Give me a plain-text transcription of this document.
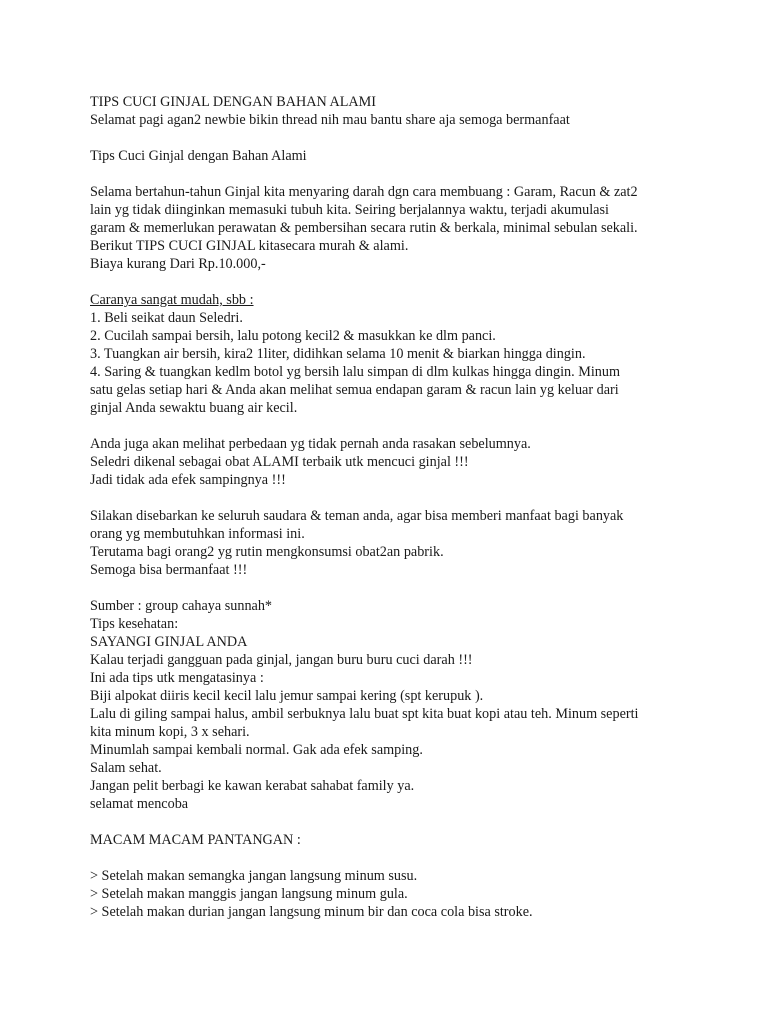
TIPS CUCI GINJAL DENGAN BAHAN ALAMI
Selamat pagi agan2 newbie bikin thread nih mau bantu share aja semoga bermanfaat
Tips Cuci Ginjal dengan Bahan Alami
Selama bertahun-tahun Ginjal kita menyaring darah dgn cara membuang : Garam, Racun & zat2
lain yg tidak diinginkan memasuki tubuh kita. Seiring berjalannya waktu, terjadi akumulasi
garam & memerlukan perawatan & pembersihan secara rutin & berkala, minimal sebulan sekali.
Berikut TIPS CUCI GINJAL kitasecara murah & alami.
Biaya kurang Dari Rp.10.000,-
Caranya sangat mudah, sbb :
1. Beli seikat daun Seledri.
2. Cucilah sampai bersih, lalu potong kecil2 & masukkan ke dlm panci.
3. Tuangkan air bersih, kira2 1liter, didihkan selama 10 menit & biarkan hingga dingin.
4. Saring & tuangkan kedlm botol yg bersih lalu simpan di dlm kulkas hingga dingin. Minum
satu gelas setiap hari & Anda akan melihat semua endapan garam & racun lain yg keluar dari
ginjal Anda sewaktu buang air kecil.
Anda juga akan melihat perbedaan yg tidak pernah anda rasakan sebelumnya.
Seledri dikenal sebagai obat ALAMI terbaik utk mencuci ginjal !!!
Jadi tidak ada efek sampingnya !!!
Silakan disebarkan ke seluruh saudara & teman anda, agar bisa memberi manfaat bagi banyak
orang yg membutuhkan informasi ini.
Terutama bagi orang2 yg rutin mengkonsumsi obat2an pabrik.
Semoga bisa bermanfaat !!!
Sumber : group cahaya sunnah*
Tips kesehatan:
SAYANGI GINJAL ANDA
Kalau terjadi gangguan pada ginjal, jangan buru buru cuci darah !!!
Ini ada tips utk mengatasinya :
Biji alpokat diiris kecil kecil lalu jemur sampai kering (spt kerupuk ).
Lalu di giling sampai halus, ambil serbuknya lalu buat spt kita buat kopi atau teh. Minum seperti
kita minum kopi, 3 x sehari.
Minumlah sampai kembali normal. Gak ada efek samping.
Salam sehat.
Jangan pelit berbagi ke kawan kerabat sahabat family ya.
selamat mencoba
MACAM MACAM PANTANGAN :
> Setelah makan semangka jangan langsung minum susu.
> Setelah makan manggis jangan langsung minum gula.
> Setelah makan durian jangan langsung minum bir dan coca cola bisa stroke.
